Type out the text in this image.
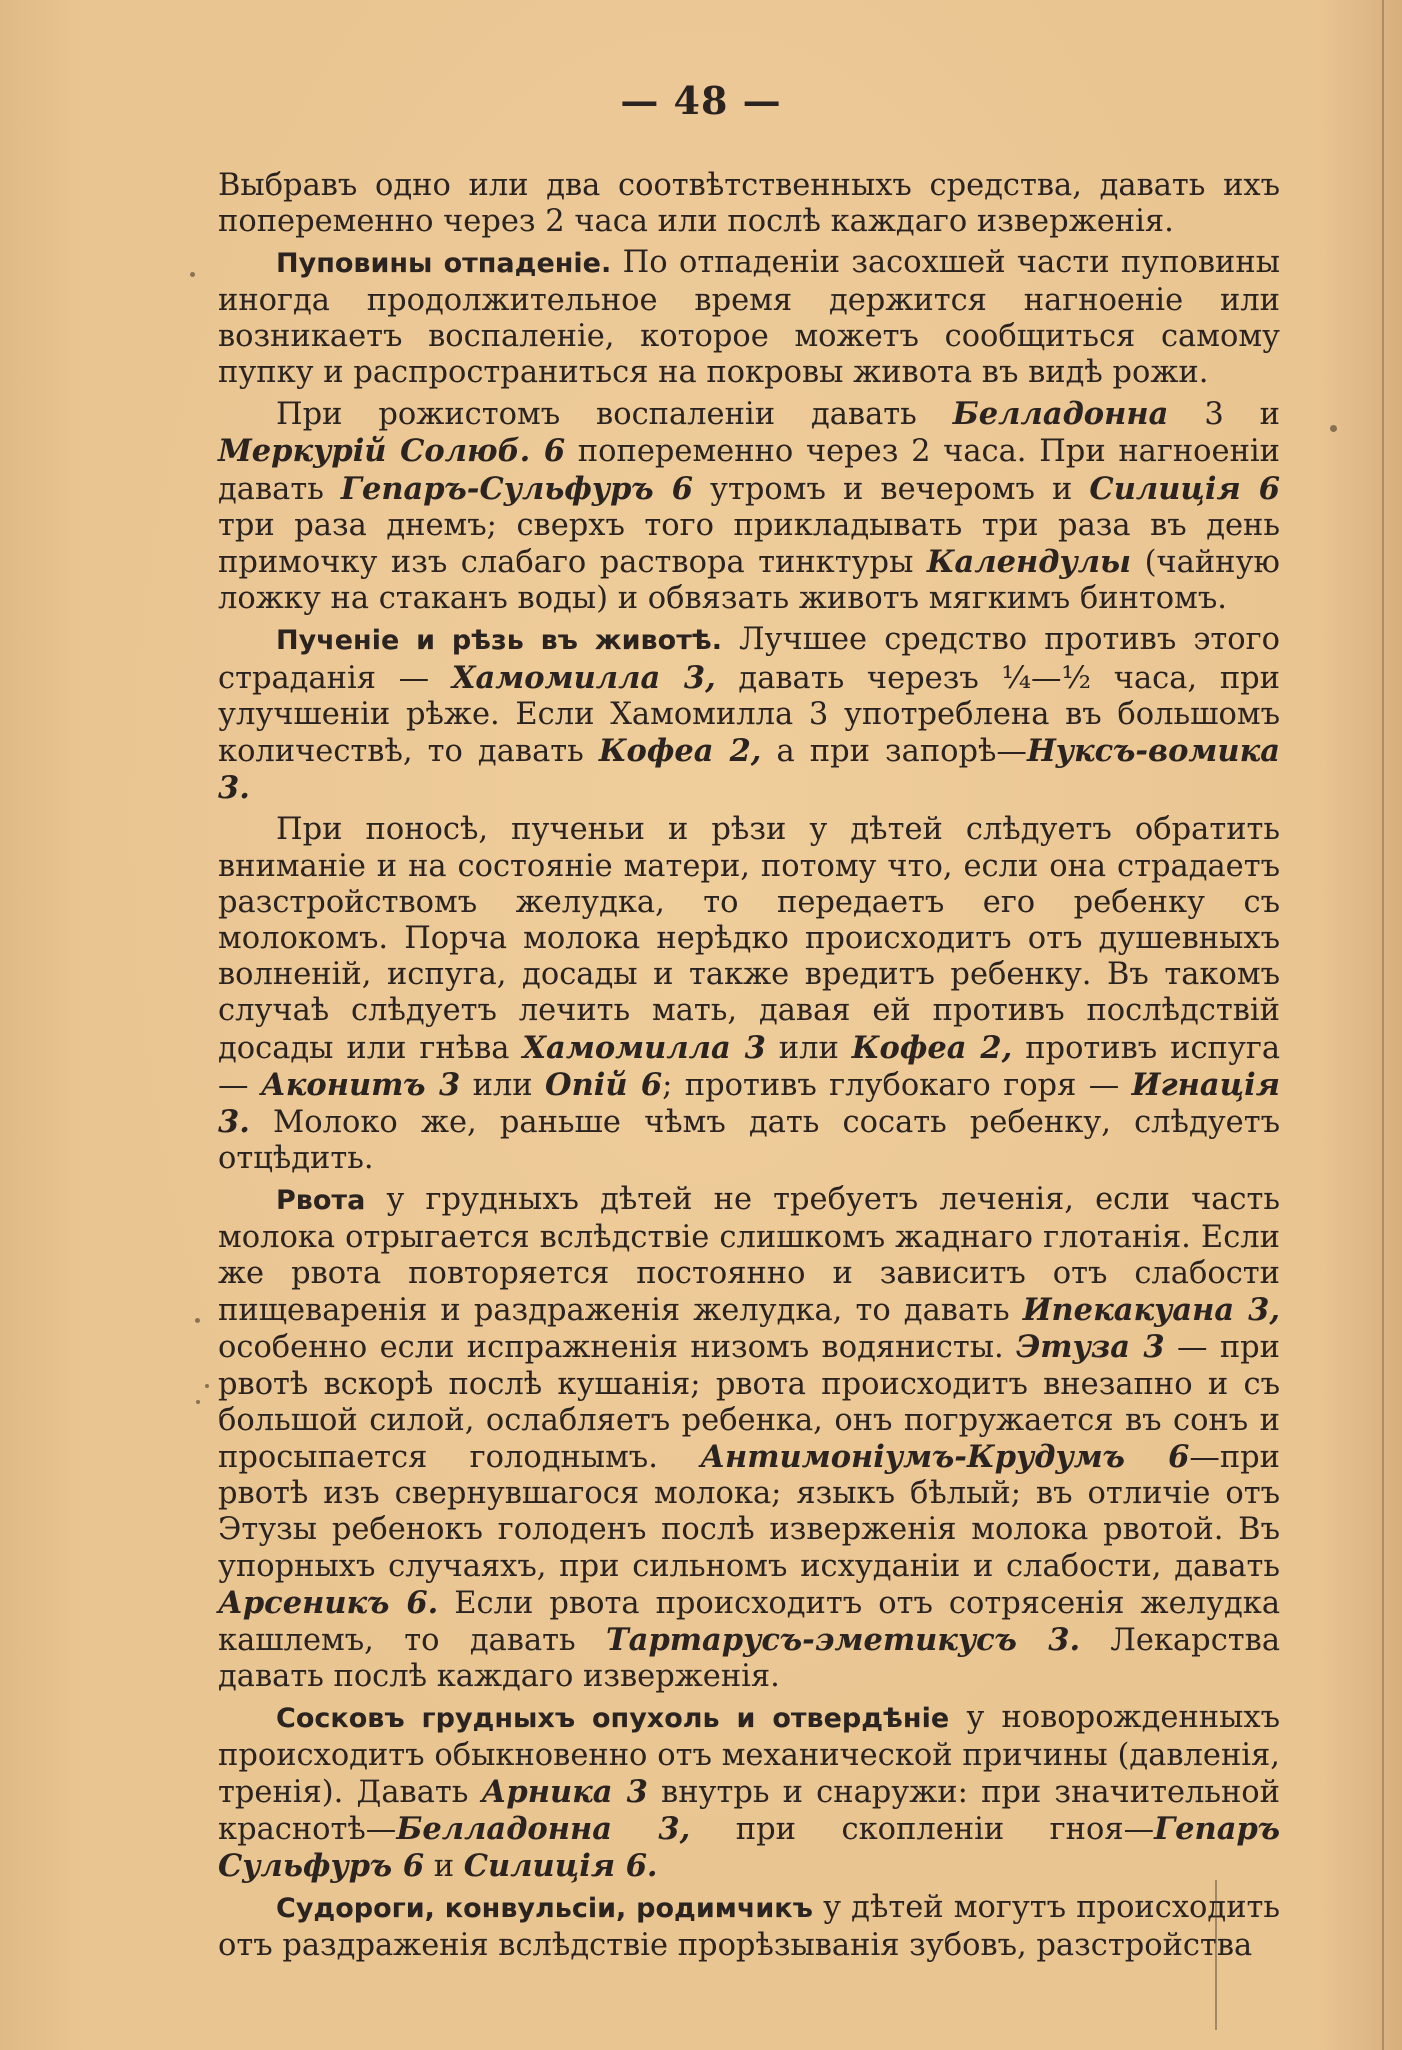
— 48 —

Выбравъ одно или два соотвѣтственныхъ средства, давать ихъ попеременно через 2 часа или послѣ каждаго изверженія.

Пуповины отпаденіе. По отпаденіи засохшей части пуповины иногда продолжительное время держится нагноеніе или возникаетъ воспаленіе, которое можетъ сообщиться самому пупку и распространиться на покровы живота въ видѣ рожи.

При рожистомъ воспаленіи давать Белладонна 3 и Меркурій Солюб. 6 попеременно через 2 часа. При нагноеніи давать Гепаръ-Сульфуръ 6 утромъ и вечеромъ и Силиція 6 три раза днемъ; сверхъ того прикладывать три раза въ день примочку изъ слабаго раствора тинктуры Календулы (чайную ложку на стаканъ воды) и обвязать животъ мягкимъ бинтомъ.

Пученіе и рѣзь въ животѣ. Лучшее средство противъ этого страданія — Хамомилла 3, давать черезъ ¼—½ часа, при улучшеніи рѣже. Если Хамомилла 3 употреблена въ большомъ количествѣ, то давать Кофеа 2, а при запорѣ—Нуксъ-вомика 3.

При поносѣ, пученьи и рѣзи у дѣтей слѣдуетъ обратить вниманіе и на состояніе матери, потому что, если она страдаетъ разстройствомъ желудка, то передаетъ его ребенку съ молокомъ. Порча молока нерѣдко происходитъ отъ душевныхъ волненій, испуга, досады и также вредитъ ребенку. Въ такомъ случаѣ слѣдуетъ лечить мать, давая ей противъ послѣдствій досады или гнѣва Хамомилла 3 или Кофеа 2, противъ испуга— Аконитъ 3 или Опій 6; противъ глубокаго горя — Игнація 3. Молоко же, раньше чѣмъ дать сосать ребенку, слѣдуетъ отцѣдить.

Рвота у грудныхъ дѣтей не требуетъ леченія, если часть молока отрыгается вслѣдствіе слишкомъ жаднаго глотанія. Если же рвота повторяется постоянно и зависитъ отъ слабости пищеваренія и раздраженія желудка, то давать Ипекакуана 3, особенно если испражненія низомъ водянисты. Этуза 3 — при рвотѣ вскорѣ послѣ кушанія; рвота происходитъ внезапно и съ большой силой, ослабляетъ ребенка, онъ погружается въ сонъ и просыпается голоднымъ. Антимоніумъ-Крудумъ 6—при рвотѣ изъ свернувшагося молока; языкъ бѣлый; въ отличіе отъ Этузы ребенокъ голоденъ послѣ изверженія молока рвотой. Въ упорныхъ случаяхъ, при сильномъ исхуданіи и слабости, давать Арсеникъ 6. Если рвота происходитъ отъ сотрясенія желудка кашлемъ, то давать Тартарусъ-эметикусъ 3. Лекарства давать послѣ каждаго изверженія.

Сосковъ грудныхъ опухоль и отвердѣніе у новорожденныхъ происходитъ обыкновенно отъ механической причины (давленія, тренія). Давать Арника 3 внутрь и снаружи: при значительной краснотѣ—Белладонна 3, при скопленіи гноя—Гепаръ Сульфуръ 6 и Силиція 6.

Судороги, конвульсіи, родимчикъ у дѣтей могутъ происходить отъ раздраженія вслѣдствіе прорѣзыванія зубовъ, разстройства
